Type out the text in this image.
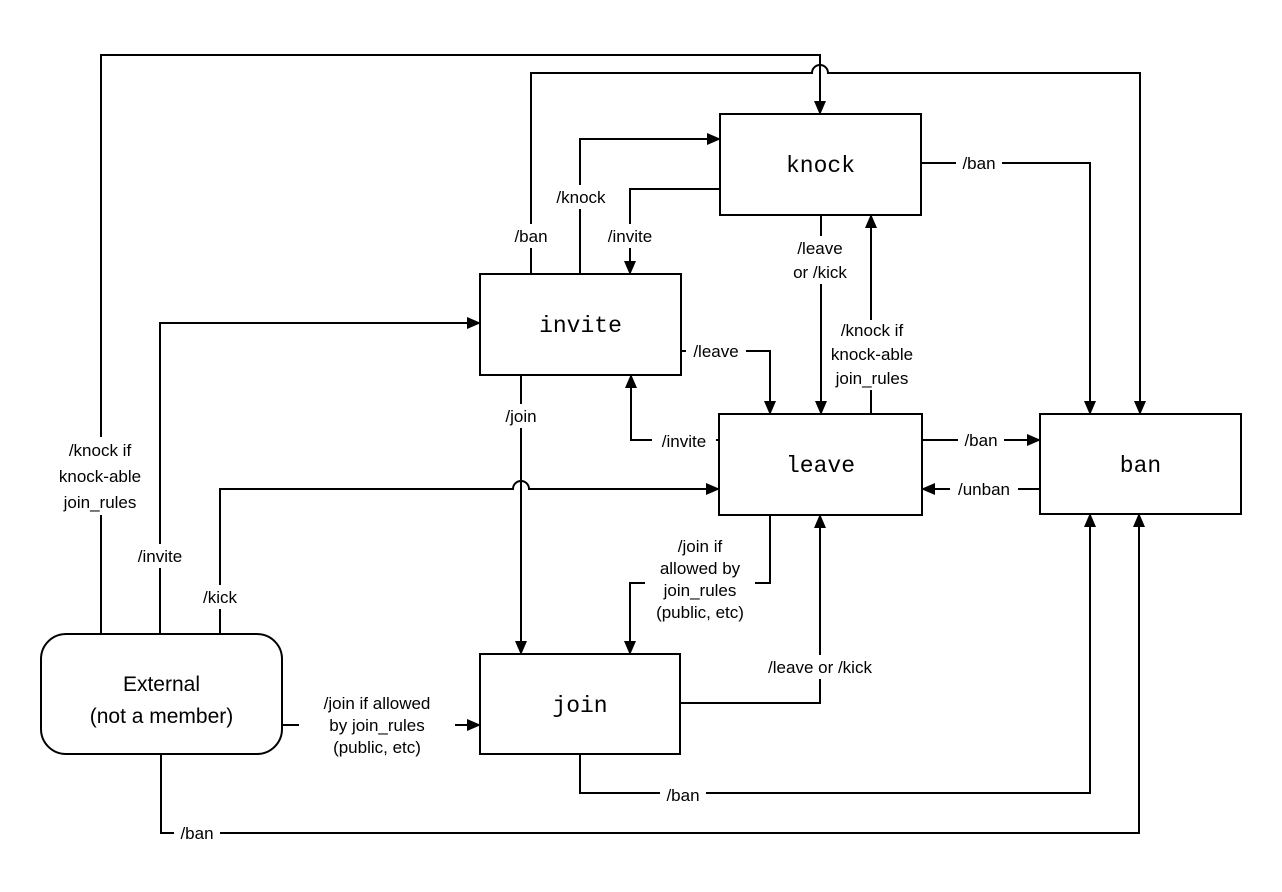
/knock if
knock-able
join_rules
/ban
/knock
/invite
/invite
/join
/leave
/invite
/leave
or /kick
/knock if
knock-able
join_rules
/ban
/unban
/ban
/join if allowed
by join_rules
(public, etc)
/leave or /kick
/join if
allowed by
join_rules
(public, etc)
/ban
/ban
/kick
knock
invite
leave	ban
join
External
(not a member)
